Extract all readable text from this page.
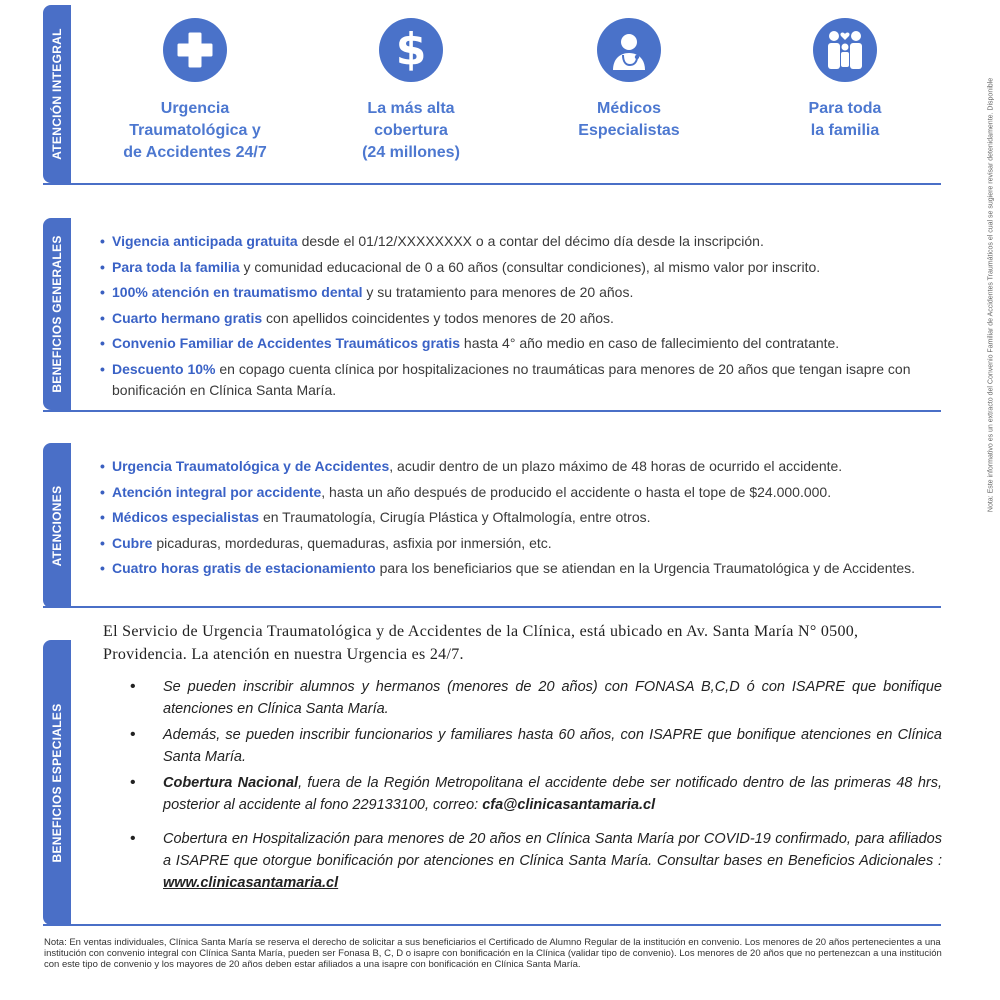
ATENCIÓN INTEGRAL
BENEFICIOS GENERALES
ATENCIONES
BENEFICIOS ESPECIALES
Urgencia
Traumatológica y
de Accidentes 24/7
$
La más alta
cobertura
(24 millones)
Médicos
Especialistas
Para toda
la familia
• Vigencia anticipada gratuita desde el 01/12/XXXXXXXX o a contar del décimo día desde la inscripción.
• Para toda la familia y comunidad educacional de 0 a 60 años (consultar condiciones), al mismo valor por inscrito.
• 100% atención en traumatismo dental y su tratamiento para menores de 20 años.
• Cuarto hermano gratis con apellidos coincidentes y todos menores de 20 años.
• Convenio Familiar de Accidentes Traumáticos gratis hasta 4° año medio en caso de fallecimiento del contratante.
• Descuento 10% en copago cuenta clínica por hospitalizaciones no traumáticas para menores de 20 años que tengan isapre con bonificación en Clínica Santa María.
• Urgencia Traumatológica y de Accidentes, acudir dentro de un plazo máximo de 48 horas de ocurrido el accidente.
• Atención integral por accidente, hasta un año después de producido el accidente o hasta el tope de $24.000.000.
• Médicos especialistas en Traumatología, Cirugía Plástica y Oftalmología, entre otros.
• Cubre picaduras, mordeduras, quemaduras, asfixia por inmersión, etc.
• Cuatro horas gratis de estacionamiento para los beneficiarios que se atiendan en la Urgencia Traumatológica y de Accidentes.
El Servicio de Urgencia Traumatológica y de Accidentes de la Clínica, está ubicado en Av. Santa María N° 0500, Providencia. La atención en nuestra Urgencia es 24/7.
• Se pueden inscribir alumnos y hermanos (menores de 20 años) con FONASA B,C,D ó con ISAPRE que bonifique atenciones en Clínica Santa María.
• Además, se pueden inscribir funcionarios y familiares hasta 60 años, con ISAPRE que bonifique atenciones en Clínica Santa María.
• Cobertura Nacional, fuera de la Región Metropolitana el accidente debe ser notificado dentro de las primeras 48 hrs, posterior al accidente al fono 229133100, correo: cfa@clinicasantamaria.cl
• Cobertura en Hospitalización para menores de 20 años en Clínica Santa María por COVID-19 confirmado, para afiliados a ISAPRE que otorgue bonificación por atenciones en Clínica Santa María. Consultar bases en Beneficios Adicionales : www.clinicasantamaria.cl
Nota: En ventas individuales, Clínica Santa María se reserva el derecho de solicitar a sus beneficiarios el Certificado de Alumno Regular de la institución en convenio. Los menores de 20 años pertenecientes a una institución con convenio integral con Clínica Santa María, pueden ser Fonasa B, C, D o isapre con bonificación en la Clínica (validar tipo de convenio). Los menores de 20 años que no pertenezcan a una institución con este tipo de convenio y los mayores de 20 años deben estar afiliados a una isapre con bonificación en Clínica Santa María.
Nota: Este informativo es un extracto del Convenio Familiar de Accidentes Traumáticos el cual se sugiere revisar detenidamente. Disponible
